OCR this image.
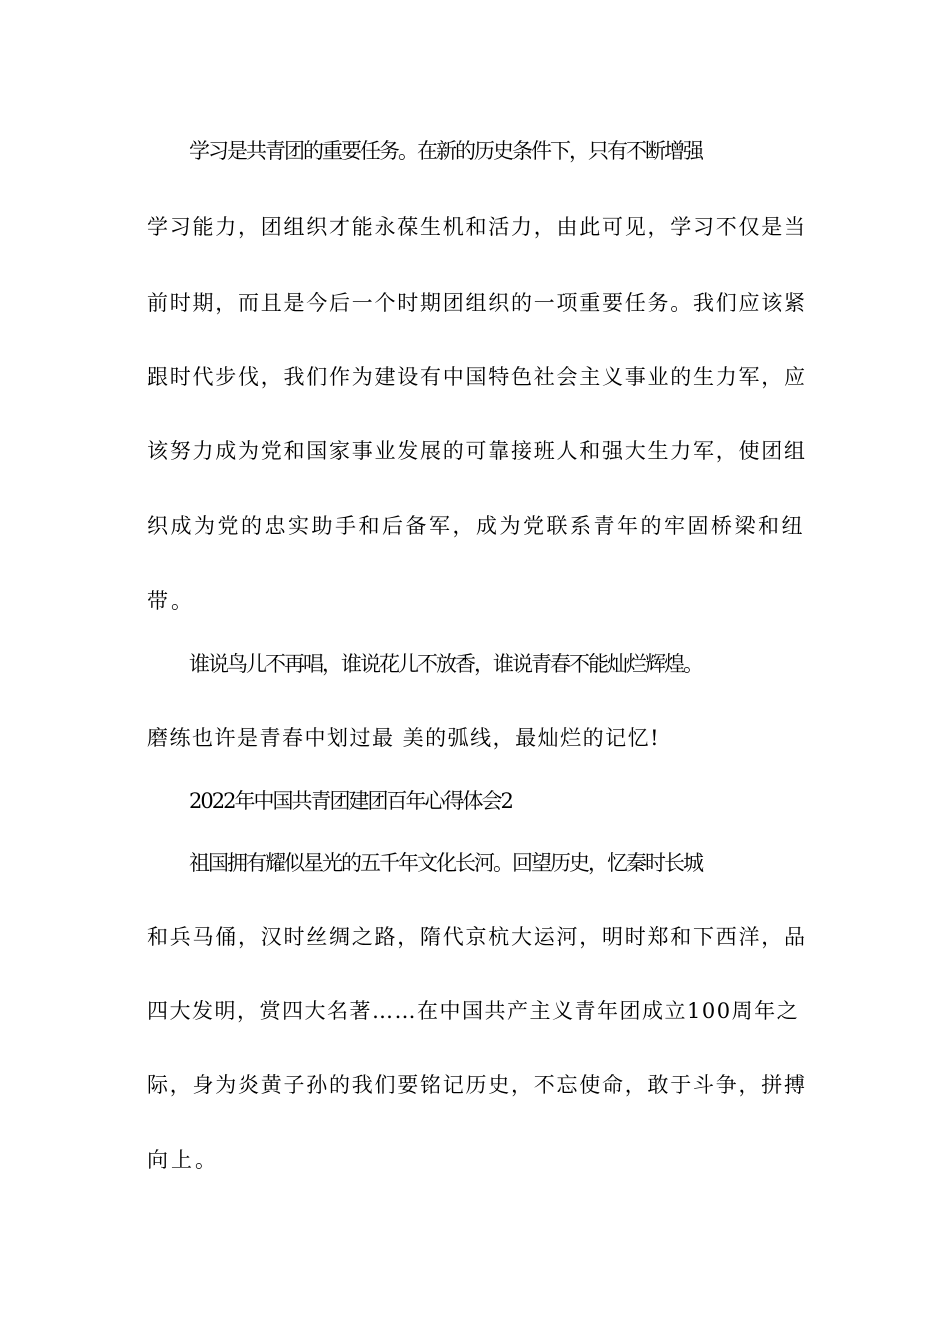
学习是共青团的重要任务。在新的历史条件下，只有不断增强
学习能力，团组织才能永葆生机和活力，由此可见，学习不仅是当
前时期，而且是今后一个时期团组织的一项重要任务。我们应该紧
跟时代步伐，我们作为建设有中国特色社会主义事业的生力军，应
该努力成为党和国家事业发展的可靠接班人和强大生力军，使团组
织成为党的忠实助手和后备军，成为党联系青年的牢固桥梁和纽
带。
谁说鸟儿不再唱，谁说花儿不放香，谁说青春不能灿烂辉煌。
磨练也许是青春中划过最 美的弧线，最灿烂的记忆!
2022年中国共青团建团百年心得体会2
祖国拥有耀似星光的五千年文化长河。回望历史，忆秦时长城
和兵马俑，汉时丝绸之路，隋代京杭大运河，明时郑和下西洋，品
四大发明，赏四大名著……在中国共产主义青年团成立100周年之
际，身为炎黄子孙的我们要铭记历史，不忘使命，敢于斗争，拼搏
向上。
